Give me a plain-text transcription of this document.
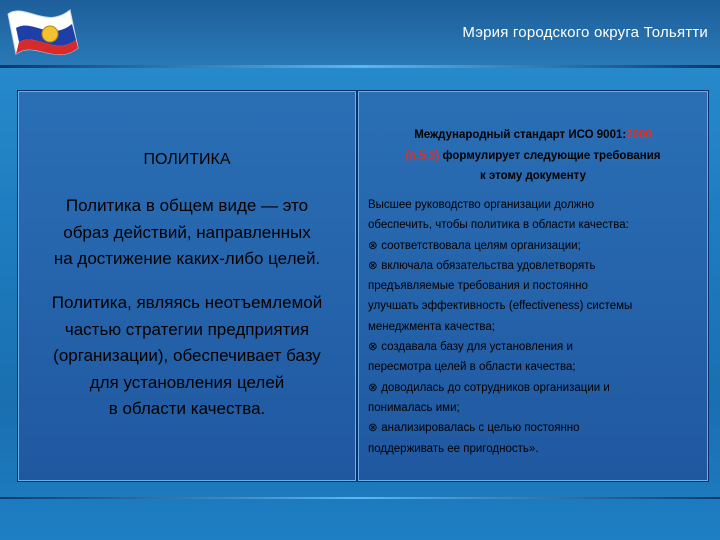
Мэрия городского округа Тольятти
ПОЛИТИКА

Политика в общем виде — это
образ действий, направленных
на достижение каких-либо целей.

Политика, являясь неотъемлемой
частью стратегии предприятия
(организации), обеспечивает базу
для установления целей
в области качества.

Международный стандарт ИСО 9001:2000
(п.5.3) формулирует следующие требования
к этому документу
Высшее руководство организации должно
обеспечить, чтобы политика в области качества:
⊗ соответствовала целям организации;
⊗ включала обязательства удовлетворять
предъявляемые требования и постоянно
улучшать эффективность (effectiveness) системы
менеджмента качества;
⊗ создавала базу для установления и
пересмотра целей в области качества;
⊗ доводилась до сотрудников организации и
понималась ими;
⊗ анализировалась с целью постоянно
поддерживать ее пригодность».
